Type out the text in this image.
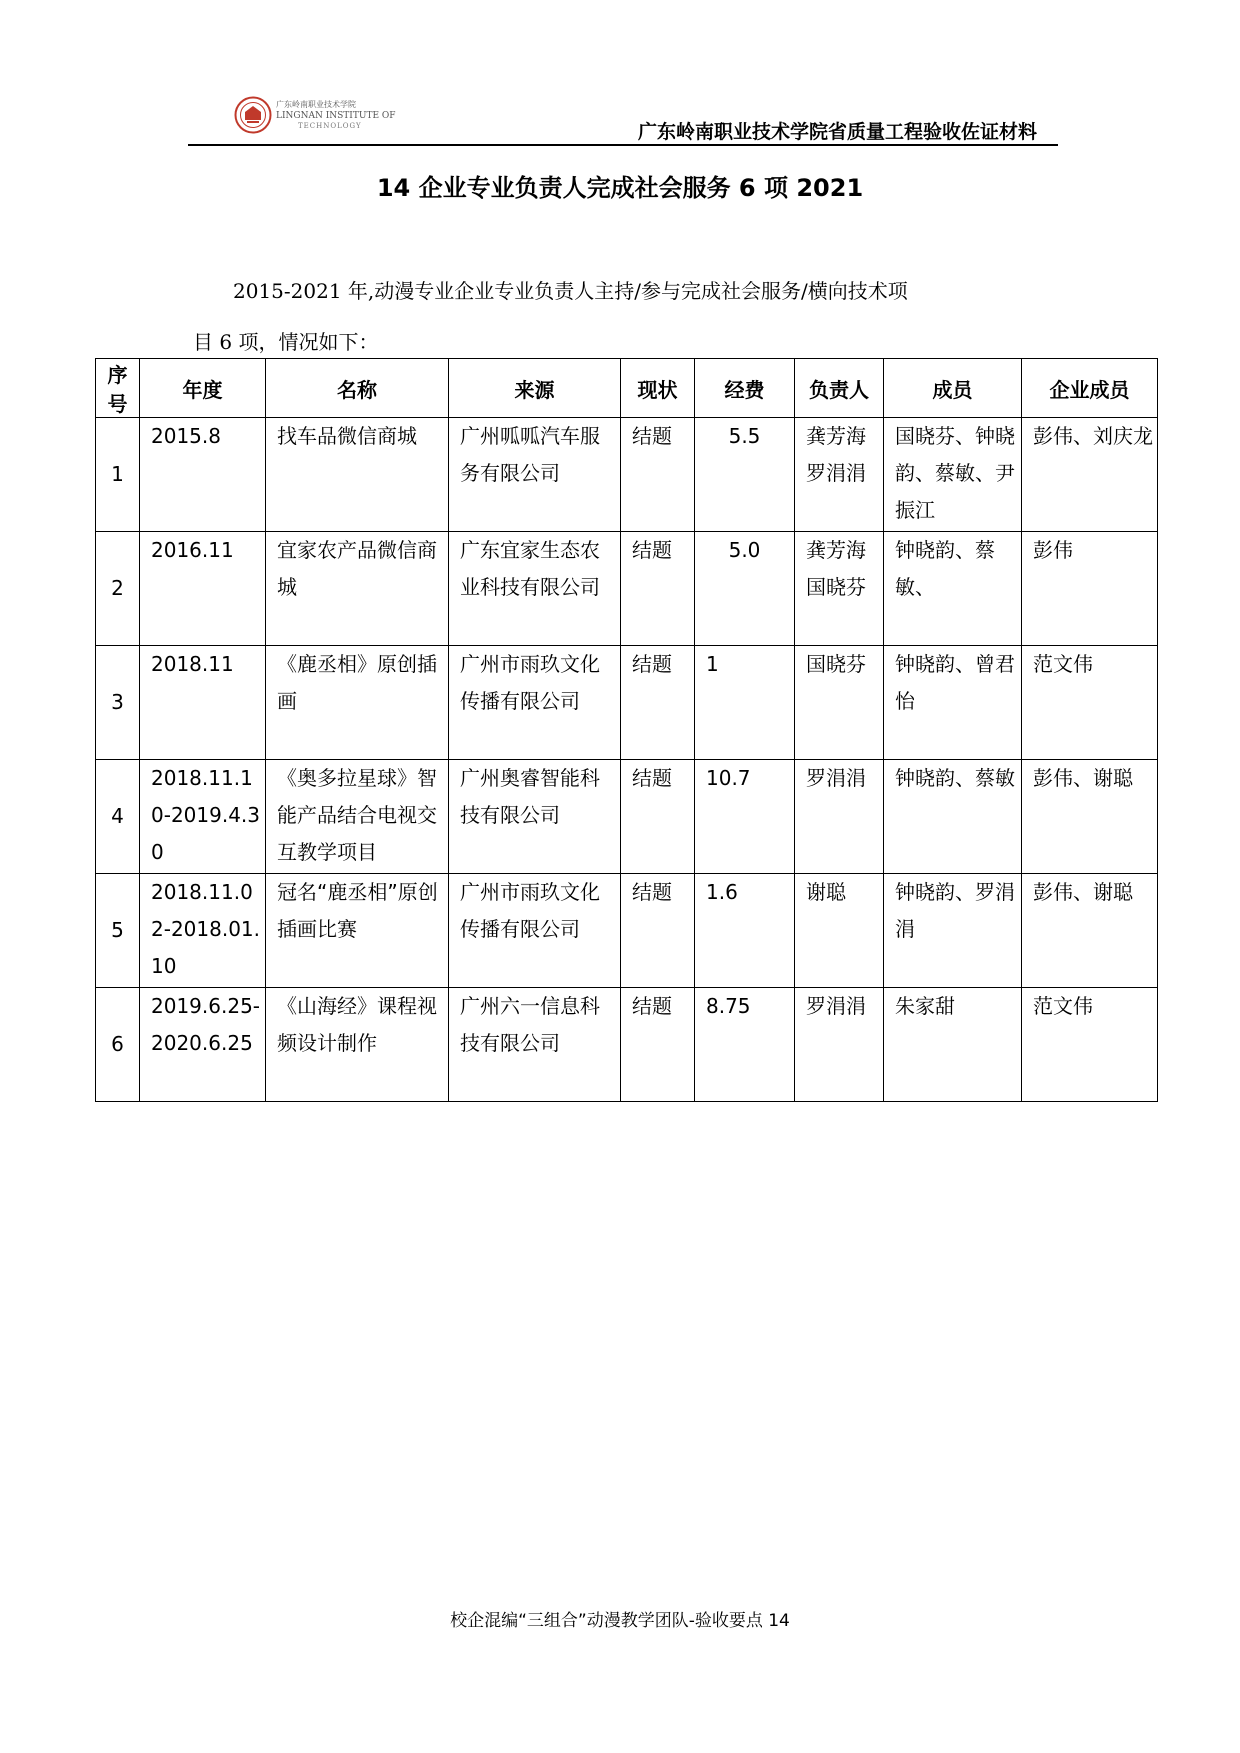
广东岭南职业技术学院
LINGNAN INSTITUTE OF
TECHNOLOGY	广东岭南职业技术学院省质量工程验收佐证材料
14 企业专业负责人完成社会服务 6 项 2021
2015-2021 年,动漫专业企业专业负责人主持/参与完成社会服务/横向技术项
目 6 项，情况如下：
序号	年度	名称	来源	现状	经费	负责人	成员	企业成员
1	2015.8	找车品微信商城	广州呱呱汽车服务有限公司	结题	5.5	龚芳海罗涓涓	国晓芬、钟晓韵、蔡敏、尹振江	彭伟、刘庆龙
2	2016.11	宜家农产品微信商城	广东宜家生态农业科技有限公司	结题	5.0	龚芳海国晓芬	钟晓韵、蔡敏、	彭伟
3	2018.11	《鹿丞相》原创插画	广州市雨玖文化传播有限公司	结题	1	国晓芬	钟晓韵、曾君怡	范文伟
4	2018.11.10-2019.4.30	《奥多拉星球》智能产品结合电视交互教学项目	广州奥睿智能科技有限公司	结题	10.7	罗涓涓	钟晓韵、蔡敏	彭伟、谢聪
5	2018.11.02-2018.01.10	冠名“鹿丞相”原创插画比赛	广州市雨玖文化传播有限公司	结题	1.6	谢聪	钟晓韵、罗涓涓	彭伟、谢聪
6	2019.6.25-2020.6.25	《山海经》课程视频设计制作	广州六一信息科技有限公司	结题	8.75	罗涓涓	朱家甜	范文伟
校企混编“三组合”动漫教学团队-验收要点 14
